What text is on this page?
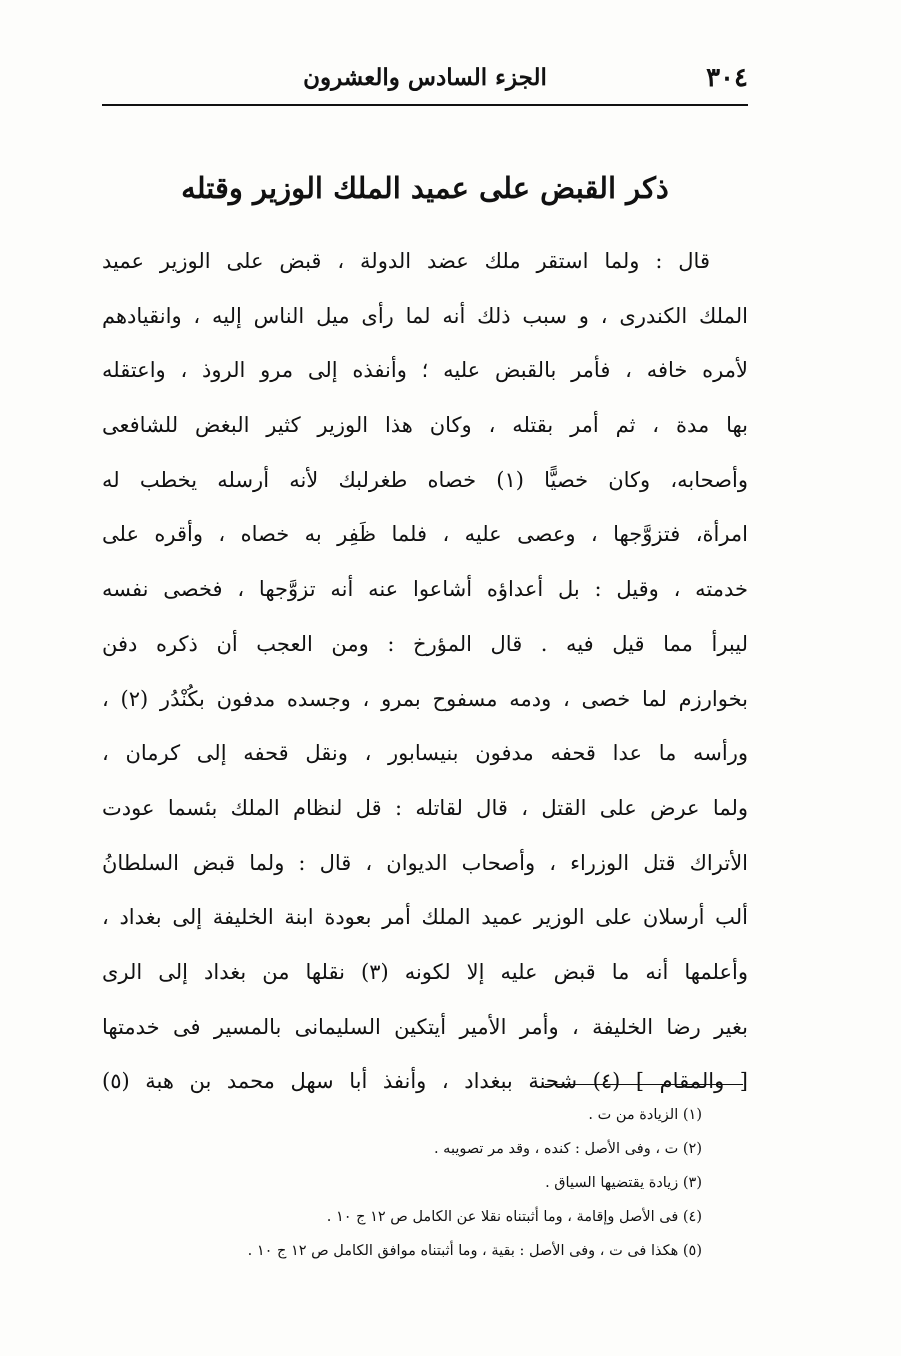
٣٠٤
الجزء السادس والعشرون
ذكر القبض على عميد الملك الوزير وقتله
قال : ولما استقر ملك عضد الدولة ، قبض على الوزير عميد
الملك الكندرى ، و سبب ذلك أنه لما رأى ميل الناس إليه ، وانقيادهم
لأمره خافه ، فأمر بالقبض عليه ؛ وأنفذه إلى مرو الروذ ، واعتقله
بها مدة ، ثم أمر بقتله ، وكان هذا الوزير كثير البغض للشافعى
وأصحابه، وكان خصيًّا (١) خصاه طغرلبك لأنه أرسله يخطب له
امرأة، فتزوَّجها ، وعصى عليه ، فلما ظَفِر به خصاه ، وأقره على
خدمته ، وقيل : بل أعداؤه أشاعوا عنه أنه تزوَّجها ، فخصى نفسه
ليبرأ مما قيل فيه . قال المؤرخ : ومن العجب أن ذكره دفن
بخوارزم لما خصى ، ودمه مسفوح بمرو ، وجسده مدفون بكُنْدُر (٢) ،
ورأسه ما عدا قحفه مدفون بنيسابور ، ونقل قحفه إلى كرمان ،
ولما عرض على القتل ، قال لقاتله : قل لنظام الملك بئسما عودت
الأتراك قتل الوزراء ، وأصحاب الديوان ، قال : ولما قبض السلطانُ
ألب أرسلان على الوزير عميد الملك أمر بعودة ابنة الخليفة إلى بغداد ،
وأعلمها أنه ما قبض عليه إلا لكونه (٣) نقلها من بغداد إلى الرى
بغير رضا الخليفة ، وأمر الأمير أيتكين السليمانى بالمسير فى خدمتها
[ والمقام ] (٤) شحنة ببغداد ، وأنفذ أبا سهل محمد بن هبة (٥)
(١) الزيادة من ت .
(٢) ت ، وفى الأصل : كنده ، وقد مر تصويبه .
(٣) زيادة يقتضيها السياق .
(٤) فى الأصل وإقامة ، وما أثبتناه نقلا عن الكامل ص ١٢ ج ١٠ .
(٥) هكذا فى ت ، وفى الأصل : بقية ، وما أثبتناه موافق الكامل ص ١٢ ج ١٠ .
